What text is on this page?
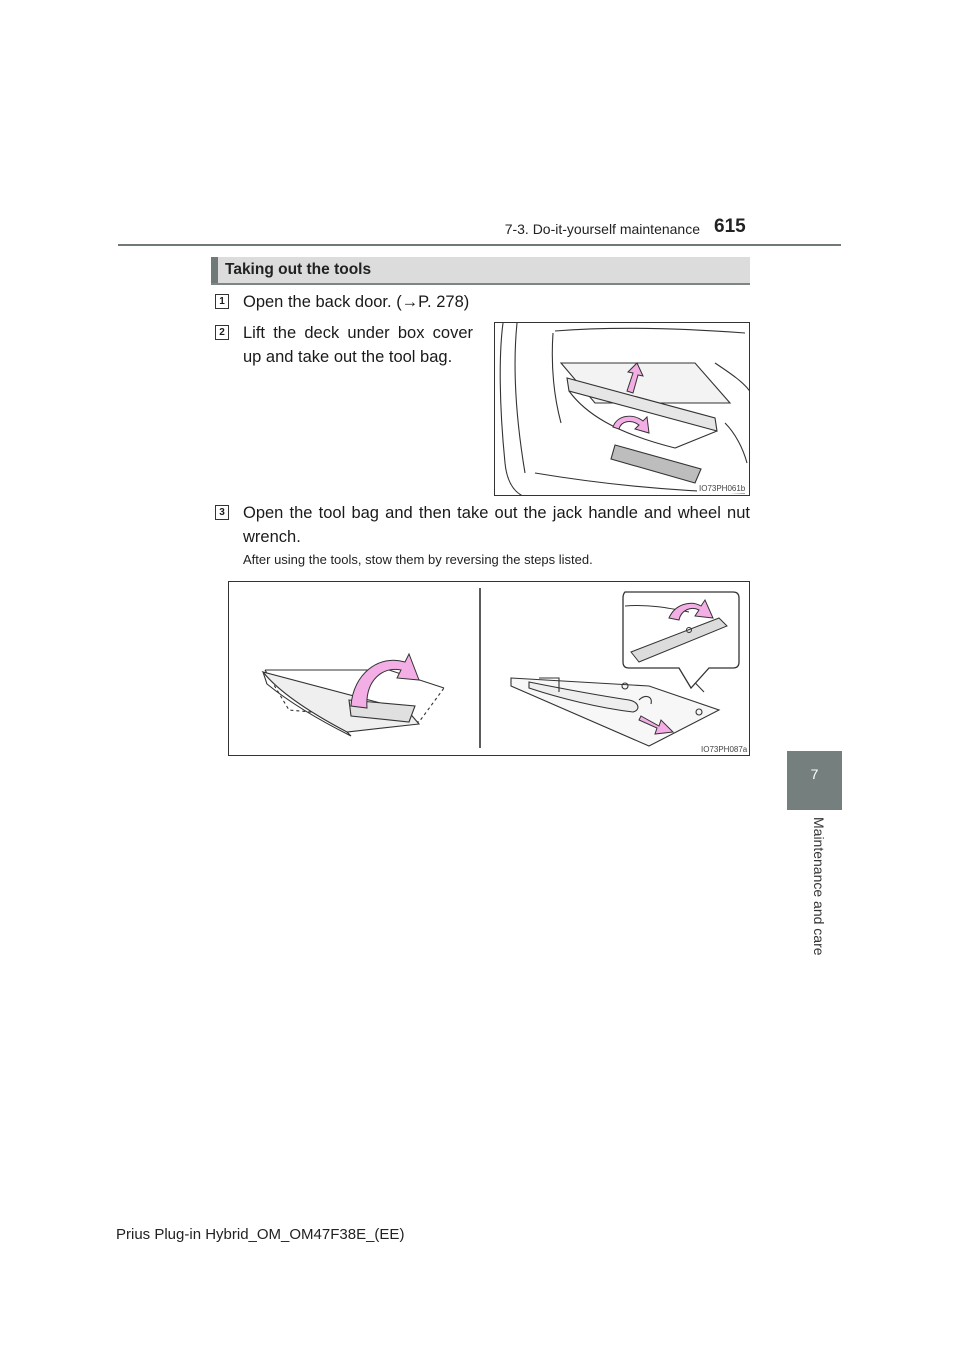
7-3. Do-it-yourself maintenance 615
7
Maintenance and care
Taking out the tools
1 Open the back door. (→P. 278)
2 Lift the deck under box cover
up and take out the tool bag.
IO73PH061b
3 Open the tool bag and then take out the jack handle and wheel nut
wrench.
After using the tools, stow them by reversing the steps listed.
IO73PH087a
Prius Plug-in Hybrid_OM_OM47F38E_(EE)
